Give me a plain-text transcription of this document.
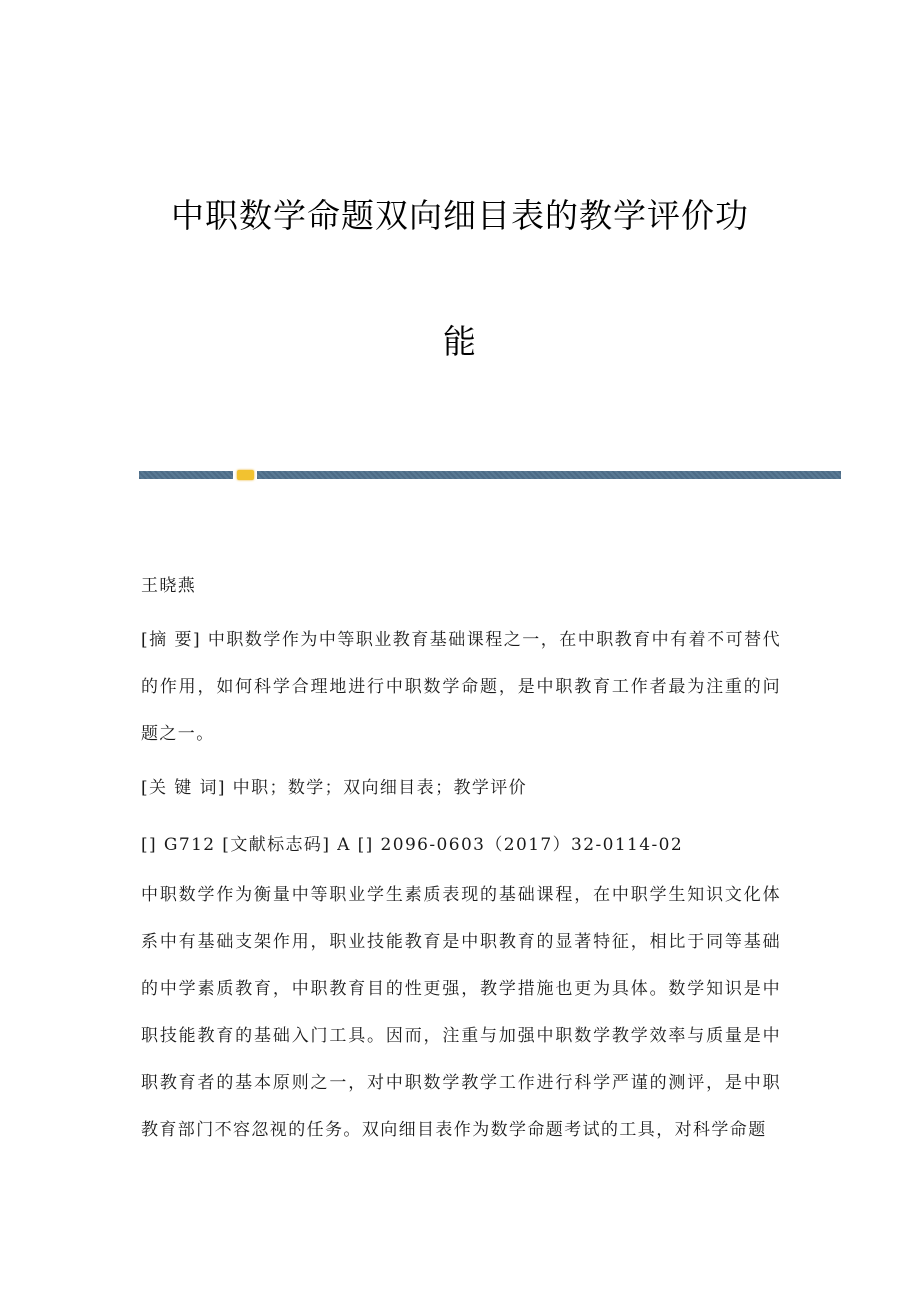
中职数学命题双向细目表的教学评价功
能
王晓燕
[摘 要] 中职数学作为中等职业教育基础课程之一，在中职教育中有着不可替代的作用，如何科学合理地进行中职数学命题，是中职教育工作者最为注重的问题之一。
[关 键 词] 中职；数学；双向细目表；教学评价
[] G712 [文献标志码] A [] 2096-0603（2017）32-0114-02
中职数学作为衡量中等职业学生素质表现的基础课程，在中职学生知识文化体系中有基础支架作用，职业技能教育是中职教育的显著特征，相比于同等基础的中学素质教育，中职教育目的性更强，教学措施也更为具体。数学知识是中职技能教育的基础入门工具。因而，注重与加强中职数学教学效率与质量是中职教育者的基本原则之一，对中职数学教学工作进行科学严谨的测评，是中职教育部门不容忽视的任务。双向细目表作为数学命题考试的工具，对科学命题
